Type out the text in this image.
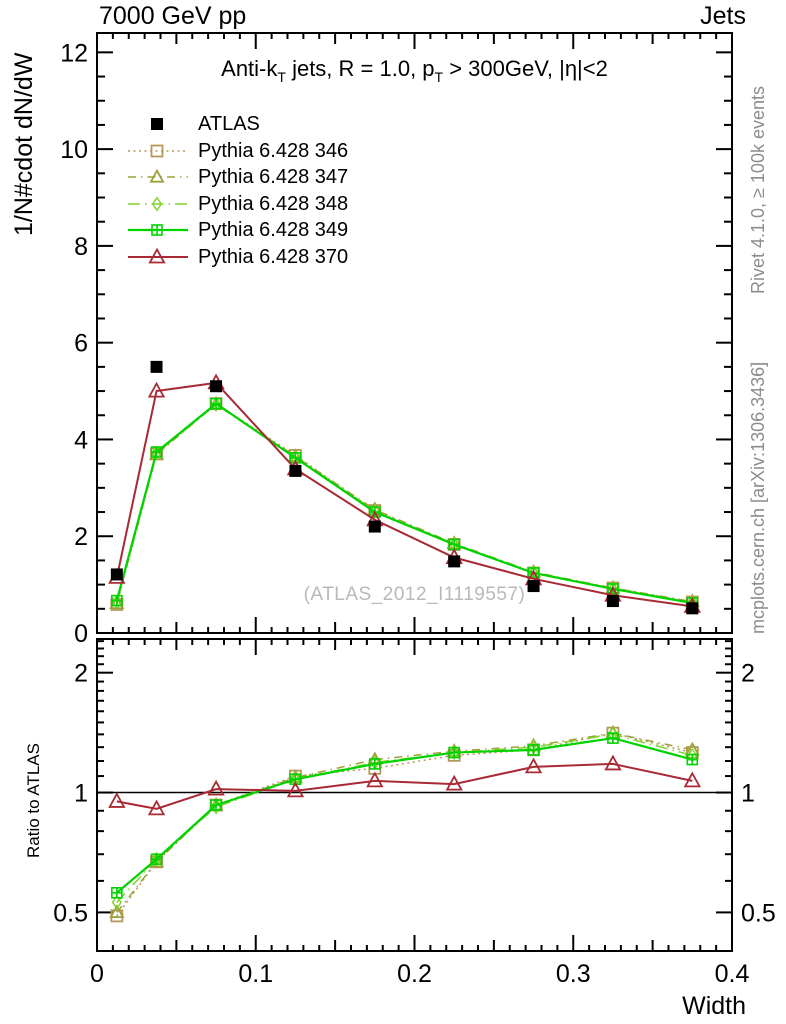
0
2
4
6
8
10
12
0.5	0.5
1	1
2	2
0	0.1	0.2	0.3	0.4
7000 GeV pp	Jets
1/N#cdot dN/dW
Ratio to ATLAS
Rivet 4.1.0, ≥ 100k events
mcplots.cern.ch [arXiv:1306.3436]
Anti-$k_T$ jets, R = 1.0, $p_T > 300GeV$, |η|<2
ATLAS
Pythia 6.428 346
Pythia 6.428 347
Pythia 6.428 348
Pythia 6.428 349
Pythia 6.428 370
(ATLAS_2012_I1119557)
Width
